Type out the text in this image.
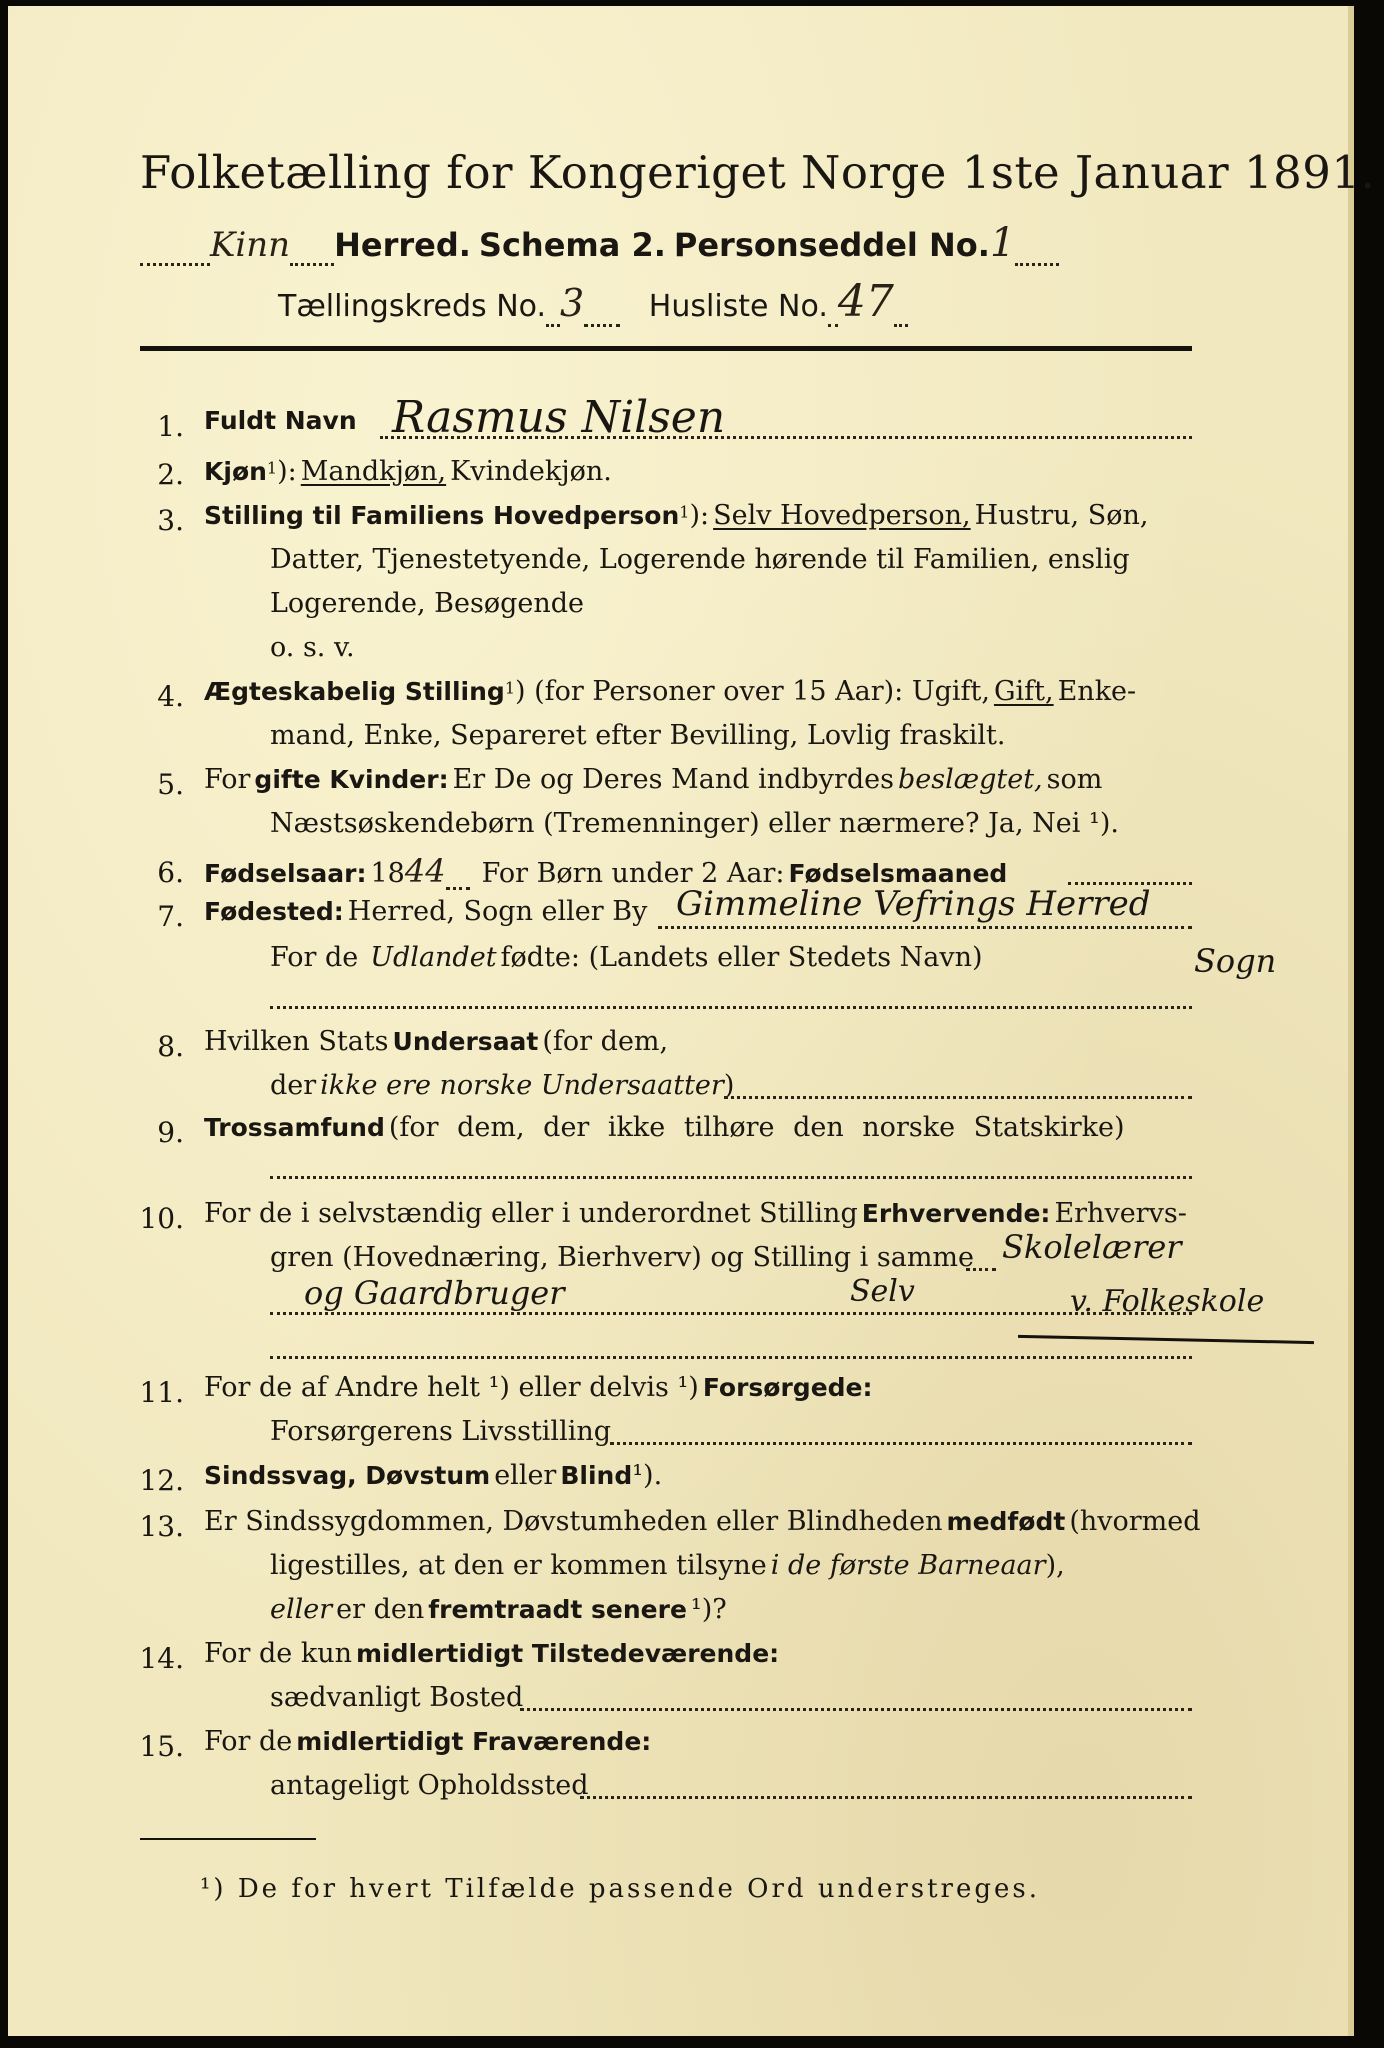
Folketælling for Kongeriget Norge 1ste Januar 1891.
Kinn Herred. Schema 2. Personseddel No.1
Tællingskreds No. 3 Husliste No. 47
1. Fuldt Navn Rasmus Nilsen
2. Kjøn$^1$): Mandkjøn, Kvindekjøn.
3. Stilling til Familiens Hovedperson$^1$): Selv Hovedperson, Hustru, Søn,
Datter, Tjenestetyende, Logerende hørende til Familien, enslig
Logerende, Besøgende
o. s. v.
4. Ægteskabelig Stilling$^1$) (for Personer over 15 Aar): Ugift, Gift, Enke-
mand, Enke, Separeret efter Bevilling, Lovlig fraskilt.
5. For gifte Kvinder: Er De og Deres Mand indbyrdes beslægtet, som
Næstsøskendebørn (Tremenninger) eller nærmere? Ja, Nei ¹).
6. Fødselsaar: 1844 For Børn under 2 Aar: Fødselsmaaned
7. Fødested: Herred, Sogn eller By Gimmeline Vefrings Herred
For de Udlandet fødte: (Landets eller Stedets Navn)	Sogn
8. Hvilken Stats Undersaat (for dem,
der ikke ere norske Undersaatter)
9. Trossamfund (for dem, der ikke tilhøre den norske Statskirke)
10. For de i selvstændig eller i underordnet Stilling Erhvervende: Erhvervs-
gren (Hovednæring, Bierhverv) og Stilling i samme Skolelærer
og Gaardbruger	Selv	v. Folkeskole
11. For de af Andre helt ¹) eller delvis ¹) Forsørgede:
Forsørgerens Livsstilling
12. Sindssvag, Døvstum eller Blind¹).
13. Er Sindssygdommen, Døvstumheden eller Blindheden medfødt (hvormed
ligestilles, at den er kommen tilsyne i de første Barneaar),
eller er den fremtraadt senere ¹)?
14. For de kun midlertidigt Tilstedeværende:
sædvanligt Bosted
15. For de midlertidigt Fraværende:
antageligt Opholdssted
¹) De for hvert Tilfælde passende Ord understreges.
